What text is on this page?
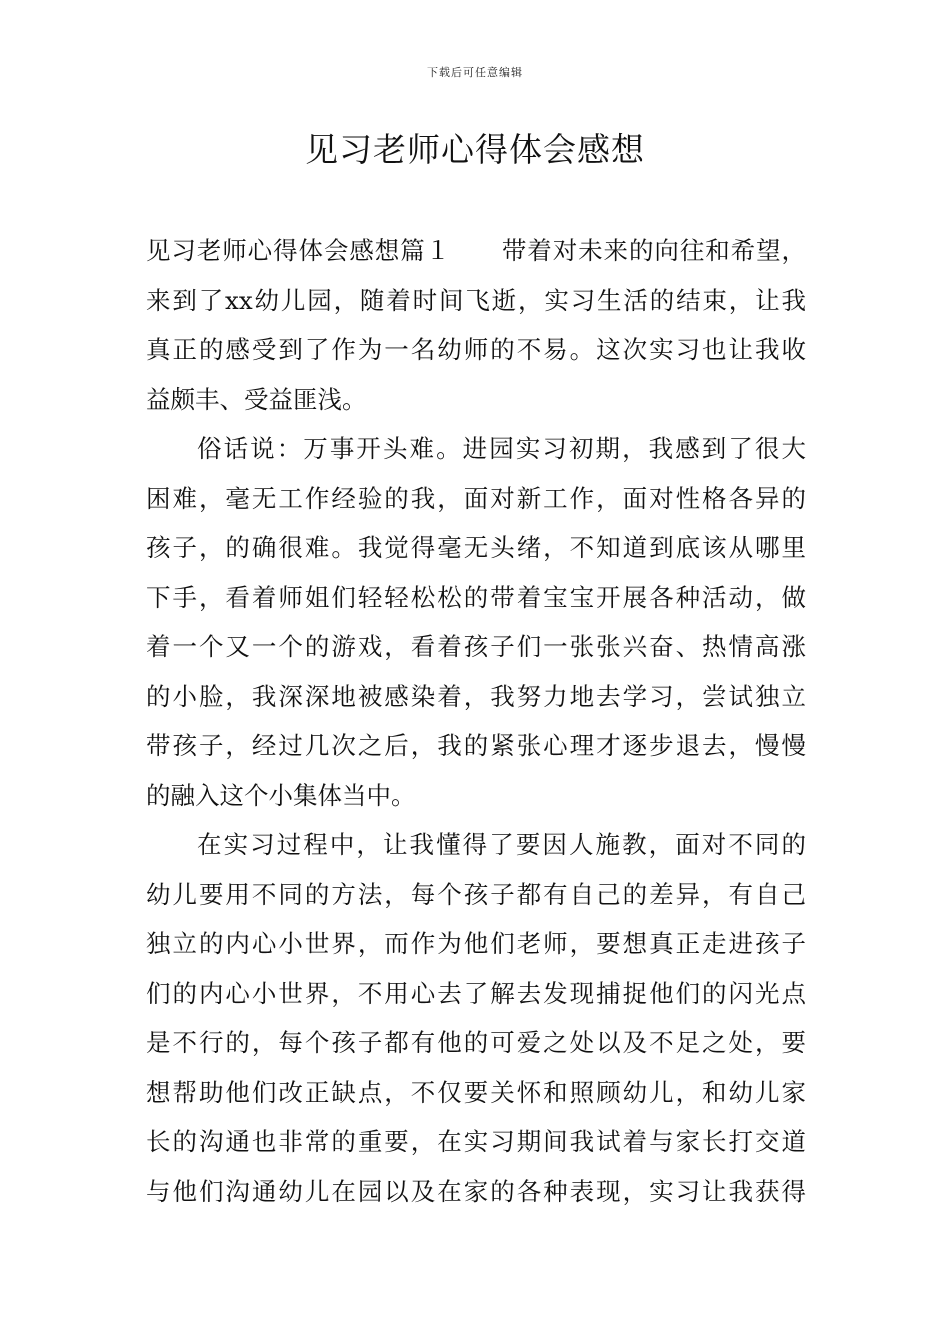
下载后可任意编辑
见习老师心得体会感想
见习老师心得体会感想篇１　　带着对未来的向往和希望，
来到了xx幼儿园，随着时间飞逝，实习生活的结束，让我
真正的感受到了作为一名幼师的不易。这次实习也让我收
益颇丰、受益匪浅。
俗话说：万事开头难。进园实习初期，我感到了很大
困难，毫无工作经验的我，面对新工作，面对性格各异的
孩子，的确很难。我觉得毫无头绪，不知道到底该从哪里
下手，看着师姐们轻轻松松的带着宝宝开展各种活动，做
着一个又一个的游戏，看着孩子们一张张兴奋、热情高涨
的小脸，我深深地被感染着，我努力地去学习，尝试独立
带孩子，经过几次之后，我的紧张心理才逐步退去，慢慢
的融入这个小集体当中。
在实习过程中，让我懂得了要因人施教，面对不同的
幼儿要用不同的方法，每个孩子都有自己的差异，有自己
独立的内心小世界，而作为他们老师，要想真正走进孩子
们的内心小世界，不用心去了解去发现捕捉他们的闪光点
是不行的，每个孩子都有他的可爱之处以及不足之处，要
想帮助他们改正缺点，不仅要关怀和照顾幼儿，和幼儿家
长的沟通也非常的重要，在实习期间我试着与家长打交道
与他们沟通幼儿在园以及在家的各种表现，实习让我获得
